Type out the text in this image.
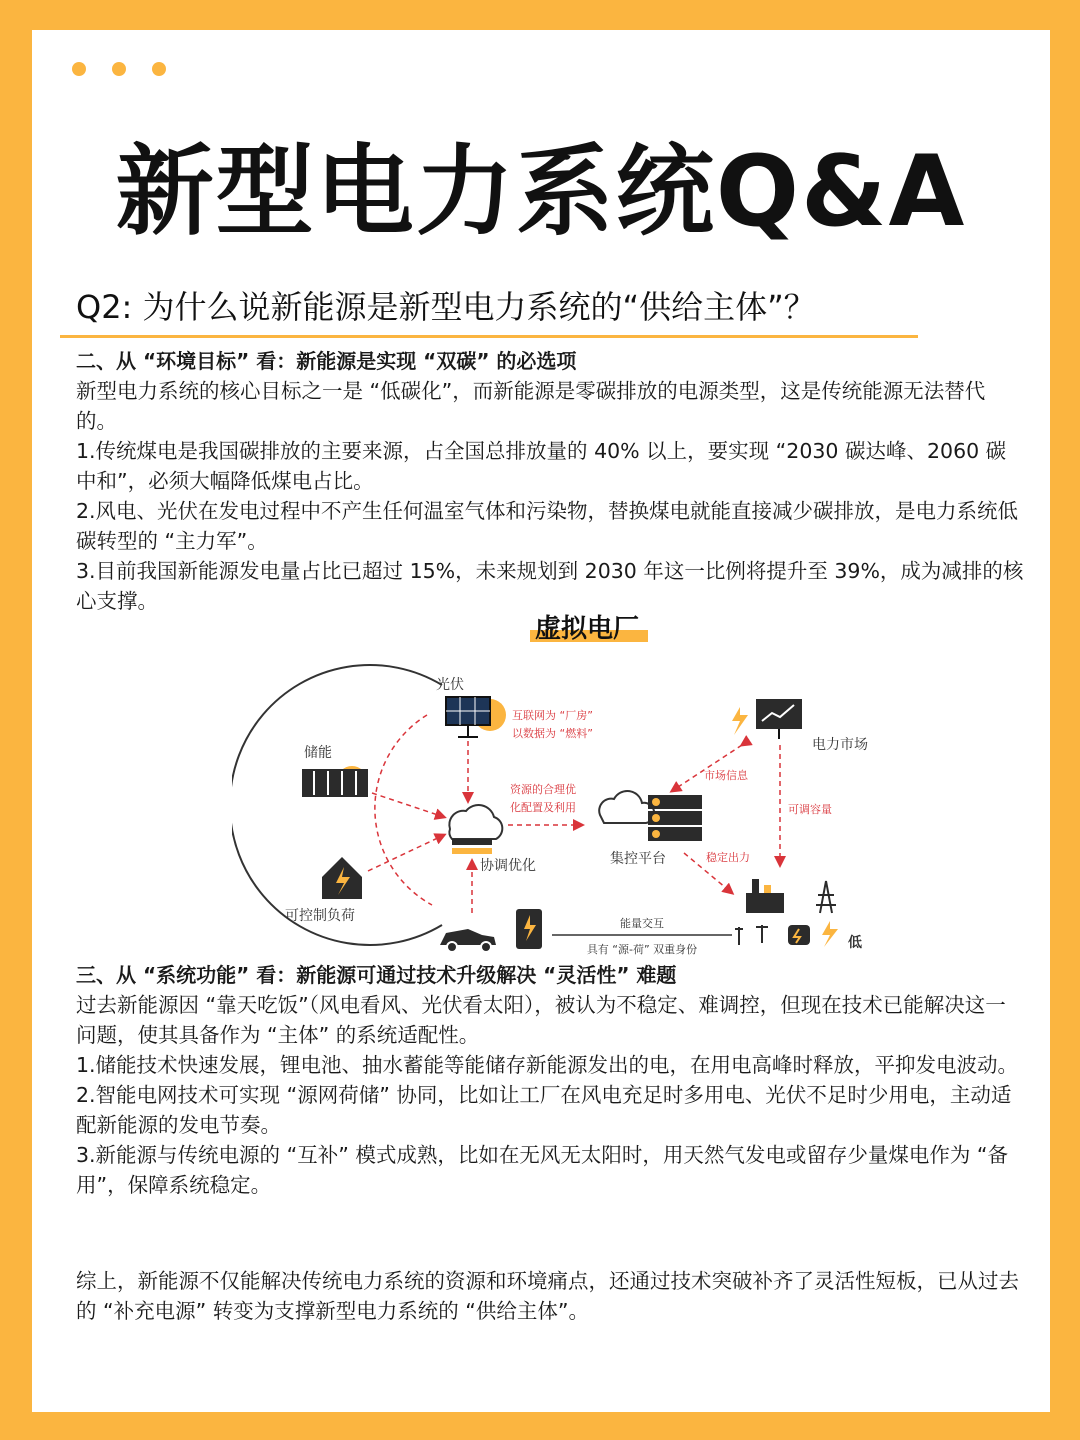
新型电力系统Q&A
Q2: 为什么说新能源是新型电力系统的“供给主体”？
二、从 “环境目标” 看：新能源是实现 “双碳” 的必选项

新型电力系统的核心目标之一是 “低碳化”，而新能源是零碳排放的电源类型，这是传统能源无法替代的。

1.传统煤电是我国碳排放的主要来源，占全国总排放量的 40% 以上，要实现 “2030 碳达峰、2060 碳中和”，必须大幅降低煤电占比。

2.风电、光伏在发电过程中不产生任何温室气体和污染物，替换煤电就能直接减少碳排放，是电力系统低碳转型的 “主力军”。

3.目前我国新能源发电量占比已超过 15%，未来规划到 2030 年这一比例将提升至 39%，成为减排的核心支撑。

虚拟电厂
光伏
互联网为 “厂房”
以数据为 “燃料”
储能
可控制负荷
协调优化
资源的合理优
化配置及利用
集控平台
电力市场
市场信息
可调容量
稳定出力
低
能量交互
具有 “源-荷” 双重身份
三、从 “系统功能” 看：新能源可通过技术升级解决 “灵活性” 难题

过去新能源因 “靠天吃饭”（风电看风、光伏看太阳），被认为不稳定、难调控，但现在技术已能解决这一问题，使其具备作为 “主体” 的系统适配性。

1.储能技术快速发展，锂电池、抽水蓄能等能储存新能源发出的电，在用电高峰时释放，平抑发电波动。

2.智能电网技术可实现 “源网荷储” 协同，比如让工厂在风电充足时多用电、光伏不足时少用电，主动适配新能源的发电节奏。

3.新能源与传统电源的 “互补” 模式成熟，比如在无风无太阳时，用天然气发电或留存少量煤电作为 “备用”，保障系统稳定。

综上，新能源不仅能解决传统电力系统的资源和环境痛点，还通过技术突破补齐了灵活性短板，已从过去的 “补充电源” 转变为支撑新型电力系统的 “供给主体”。
